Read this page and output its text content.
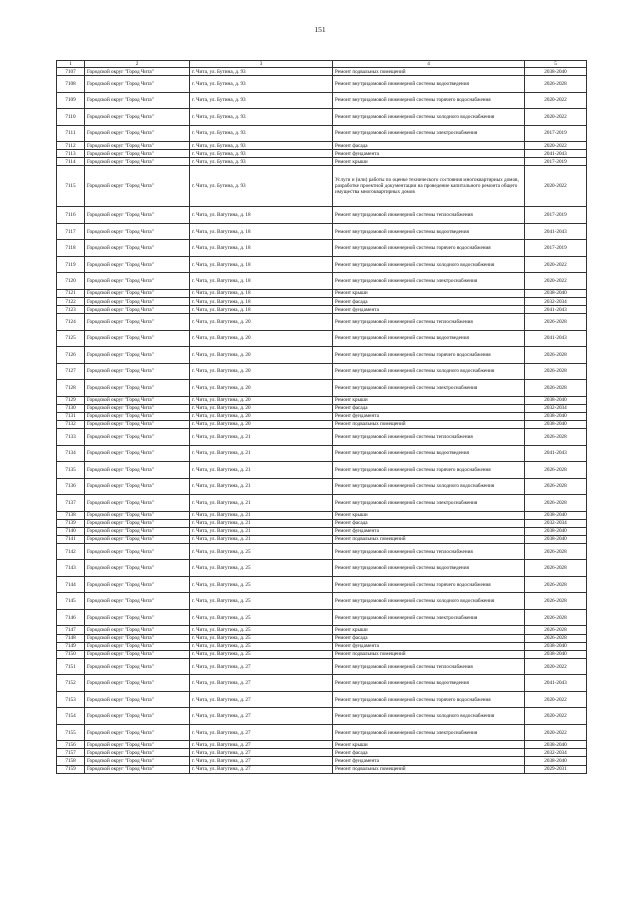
151
1	2	3	4	5
7107	Городской округ "Город Чита"	г. Чита, ул. Бутина, д. 93	Ремонт подвальных помещений	2038-2040
7108	Городской округ "Город Чита"	г. Чита, ул. Бутина, д. 93	Ремонт внутридомовой инженерной системы водоотведения	2026-2028
7109	Городской округ "Город Чита"	г. Чита, ул. Бутина, д. 93	Ремонт внутридомовой инженерной системы горячего водоснабжения	2020-2022
7110	Городской округ "Город Чита"	г. Чита, ул. Бутина, д. 93	Ремонт внутридомовой инженерной системы холодного водоснабжения	2020-2022
7111	Городской округ "Город Чита"	г. Чита, ул. Бутина, д. 93	Ремонт внутридомовой инженерной системы электроснабжения	2017-2019
7112	Городской округ "Город Чита"	г. Чита, ул. Бутина, д. 93	Ремонт фасада	2020-2022
7113	Городской округ "Город Чита"	г. Чита, ул. Бутина, д. 93	Ремонт фундамента	2041-2043
7114	Городской округ "Город Чита"	г. Чита, ул. Бутина, д. 93	Ремонт крыши	2017-2019
7115	Городской округ "Город Чита"	г. Чита, ул. Бутина, д. 93	Услуги и (или) работы по оценке технического состояния многоквартирных домов, разработке проектной документации на проведение капитального ремонта общего имущества многоквартирных домов	2020-2022
7116	Городской округ "Город Чита"	г. Чита, ул. Ватутина, д. 18	Ремонт внутридомовой инженерной системы теплоснабжения	2017-2019
7117	Городской округ "Город Чита"	г. Чита, ул. Ватутина, д. 18	Ремонт внутридомовой инженерной системы водоотведения	2041-2043
7118	Городской округ "Город Чита"	г. Чита, ул. Ватутина, д. 18	Ремонт внутридомовой инженерной системы горячего водоснабжения	2017-2019
7119	Городской округ "Город Чита"	г. Чита, ул. Ватутина, д. 18	Ремонт внутридомовой инженерной системы холодного водоснабжения	2020-2022
7120	Городской округ "Город Чита"	г. Чита, ул. Ватутина, д. 18	Ремонт внутридомовой инженерной системы электроснабжения	2020-2022
7121	Городской округ "Город Чита"	г. Чита, ул. Ватутина, д. 18	Ремонт крыши	2038-2040
7122	Городской округ "Город Чита"	г. Чита, ул. Ватутина, д. 18	Ремонт фасада	2032-2034
7123	Городской округ "Город Чита"	г. Чита, ул. Ватутина, д. 18	Ремонт фундамента	2041-2043
7124	Городской округ "Город Чита"	г. Чита, ул. Ватутина, д. 20	Ремонт внутридомовой инженерной системы теплоснабжения	2026-2028
7125	Городской округ "Город Чита"	г. Чита, ул. Ватутина, д. 20	Ремонт внутридомовой инженерной системы водоотведения	2041-2043
7126	Городской округ "Город Чита"	г. Чита, ул. Ватутина, д. 20	Ремонт внутридомовой инженерной системы горячего водоснабжения	2026-2028
7127	Городской округ "Город Чита"	г. Чита, ул. Ватутина, д. 20	Ремонт внутридомовой инженерной системы холодного водоснабжения	2026-2028
7128	Городской округ "Город Чита"	г. Чита, ул. Ватутина, д. 20	Ремонт внутридомовой инженерной системы электроснабжения	2026-2028
7129	Городской округ "Город Чита"	г. Чита, ул. Ватутина, д. 20	Ремонт крыши	2038-2040
7130	Городской округ "Город Чита"	г. Чита, ул. Ватутина, д. 20	Ремонт фасада	2032-2034
7131	Городской округ "Город Чита"	г. Чита, ул. Ватутина, д. 20	Ремонт фундамента	2038-2040
7132	Городской округ "Город Чита"	г. Чита, ул. Ватутина, д. 20	Ремонт подвальных помещений	2038-2040
7133	Городской округ "Город Чита"	г. Чита, ул. Ватутина, д. 21	Ремонт внутридомовой инженерной системы теплоснабжения	2026-2028
7134	Городской округ "Город Чита"	г. Чита, ул. Ватутина, д. 21	Ремонт внутридомовой инженерной системы водоотведения	2041-2043
7135	Городской округ "Город Чита"	г. Чита, ул. Ватутина, д. 21	Ремонт внутридомовой инженерной системы горячего водоснабжения	2026-2028
7136	Городской округ "Город Чита"	г. Чита, ул. Ватутина, д. 21	Ремонт внутридомовой инженерной системы холодного водоснабжения	2026-2028
7137	Городской округ "Город Чита"	г. Чита, ул. Ватутина, д. 21	Ремонт внутридомовой инженерной системы электроснабжения	2026-2028
7138	Городской округ "Город Чита"	г. Чита, ул. Ватутина, д. 21	Ремонт крыши	2038-2040
7139	Городской округ "Город Чита"	г. Чита, ул. Ватутина, д. 21	Ремонт фасада	2032-2034
7140	Городской округ "Город Чита"	г. Чита, ул. Ватутина, д. 21	Ремонт фундамента	2038-2040
7141	Городской округ "Город Чита"	г. Чита, ул. Ватутина, д. 21	Ремонт подвальных помещений	2038-2040
7142	Городской округ "Город Чита"	г. Чита, ул. Ватутина, д. 25	Ремонт внутридомовой инженерной системы теплоснабжения	2026-2028
7143	Городской округ "Город Чита"	г. Чита, ул. Ватутина, д. 25	Ремонт внутридомовой инженерной системы водоотведения	2026-2028
7144	Городской округ "Город Чита"	г. Чита, ул. Ватутина, д. 25	Ремонт внутридомовой инженерной системы горячего водоснабжения	2026-2028
7145	Городской округ "Город Чита"	г. Чита, ул. Ватутина, д. 25	Ремонт внутридомовой инженерной системы холодного водоснабжения	2026-2028
7146	Городской округ "Город Чита"	г. Чита, ул. Ватутина, д. 25	Ремонт внутридомовой инженерной системы электроснабжения	2026-2028
7147	Городской округ "Город Чита"	г. Чита, ул. Ватутина, д. 25	Ремонт крыши	2026-2028
7148	Городской округ "Город Чита"	г. Чита, ул. Ватутина, д. 25	Ремонт фасада	2026-2028
7149	Городской округ "Город Чита"	г. Чита, ул. Ватутина, д. 25	Ремонт фундамента	2038-2040
7150	Городской округ "Город Чита"	г. Чита, ул. Ватутина, д. 25	Ремонт подвальных помещений	2038-2040
7151	Городской округ "Город Чита"	г. Чита, ул. Ватутина, д. 27	Ремонт внутридомовой инженерной системы теплоснабжения	2020-2022
7152	Городской округ "Город Чита"	г. Чита, ул. Ватутина, д. 27	Ремонт внутридомовой инженерной системы водоотведения	2041-2043
7153	Городской округ "Город Чита"	г. Чита, ул. Ватутина, д. 27	Ремонт внутридомовой инженерной системы горячего водоснабжения	2020-2022
7154	Городской округ "Город Чита"	г. Чита, ул. Ватутина, д. 27	Ремонт внутридомовой инженерной системы холодного водоснабжения	2020-2022
7155	Городской округ "Город Чита"	г. Чита, ул. Ватутина, д. 27	Ремонт внутридомовой инженерной системы электроснабжения	2020-2022
7156	Городской округ "Город Чита"	г. Чита, ул. Ватутина, д. 27	Ремонт крыши	2038-2040
7157	Городской округ "Город Чита"	г. Чита, ул. Ватутина, д. 27	Ремонт фасада	2032-2034
7158	Городской округ "Город Чита"	г. Чита, ул. Ватутина, д. 27	Ремонт фундамента	2038-2040
7159	Городской округ "Город Чита"	г. Чита, ул. Ватутина, д. 27	Ремонт подвальных помещений	2029-2031
